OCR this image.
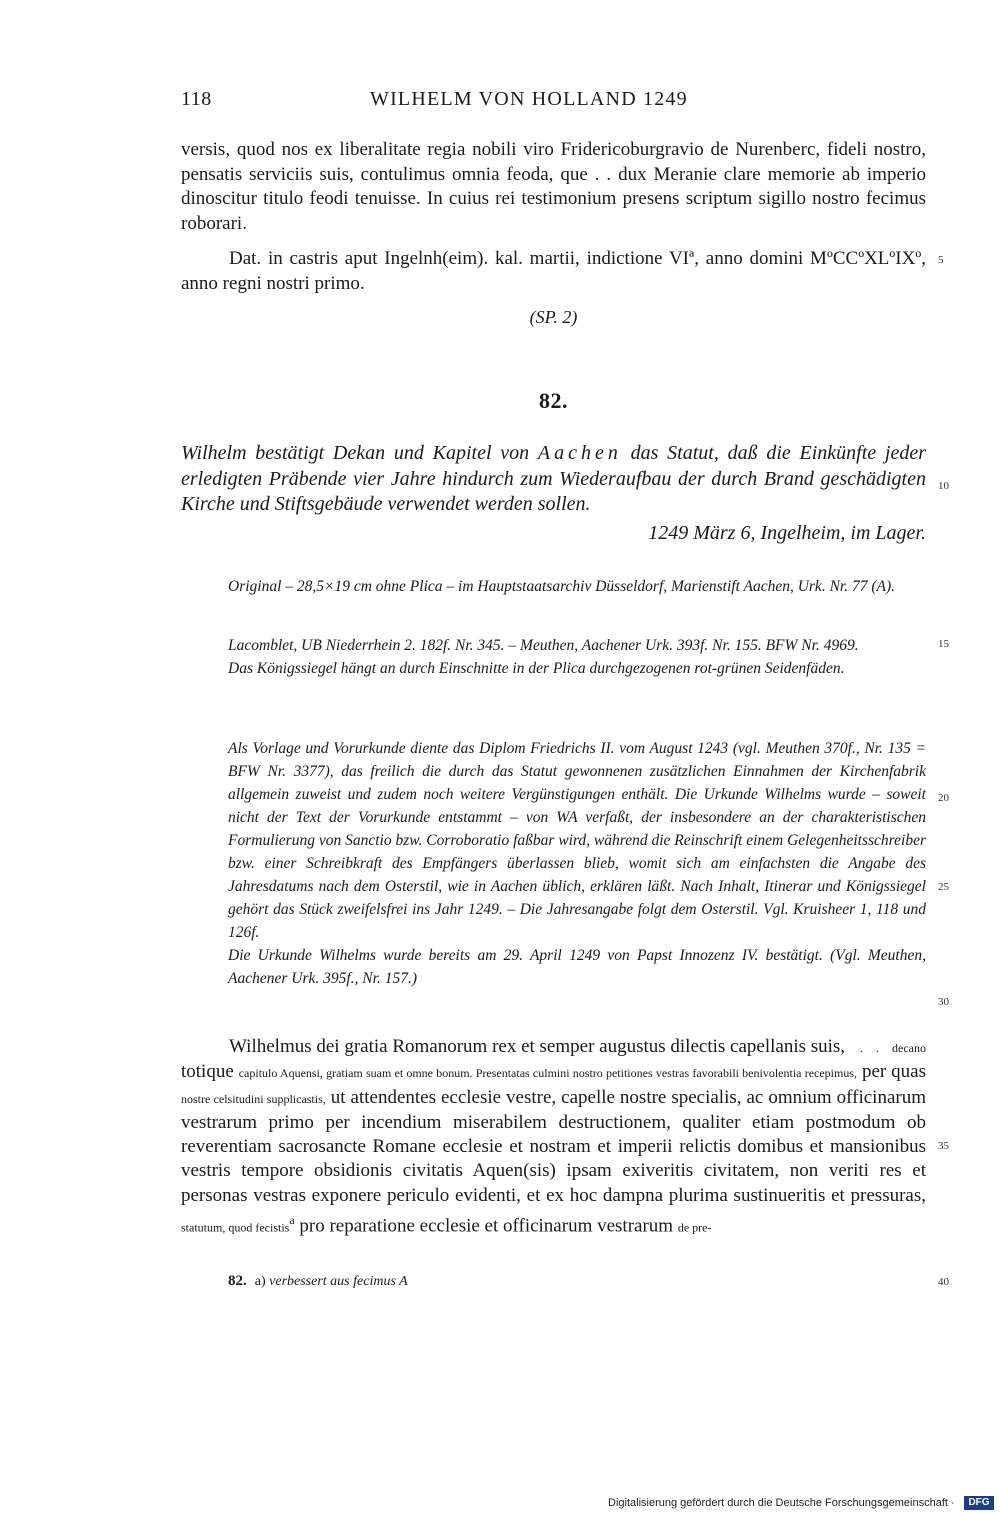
118	WILHELM VON HOLLAND 1249

versis, quod nos ex liberalitate regia nobili viro Fridericoburgravio de Nurenberc, fideli nostro, pensatis serviciis suis, contulimus omnia feoda, que . . dux Meranie clare memorie ab imperio dinoscitur titulo feodi tenuisse. In cuius rei testimonium presens scriptum sigillo nostro fecimus roborari.

Dat. in castris aput Ingelnh(eim). kal. martii, indictione VIª, anno domini MºCCºXLºIXº, anno regni nostri primo.

(SP. 2)
82.
Wilhelm bestätigt Dekan und Kapitel von Aachen das Statut, daß die Einkünfte jeder erledigten Präbende vier Jahre hindurch zum Wiederaufbau der durch Brand geschädigten Kirche und Stiftsgebäude verwendet werden sollen.
1249 März 6, Ingelheim, im Lager.

Original – 28,5×19 cm ohne Plica – im Hauptstaatsarchiv Düsseldorf, Marienstift Aachen, Urk. Nr. 77 (A).

Lacomblet, UB Niederrhein 2. 182f. Nr. 345. – Meuthen, Aachener Urk. 393f. Nr. 155. BFW Nr. 4969.

Das Königssiegel hängt an durch Einschnitte in der Plica durchgezogenen rot-grünen Seidenfäden.

Als Vorlage und Vorurkunde diente das Diplom Friedrichs II. vom August 1243 (vgl. Meuthen 370f., Nr. 135 = BFW Nr. 3377), das freilich die durch das Statut gewonnenen zusätzlichen Einnahmen der Kirchenfabrik allgemein zuweist und zudem noch weitere Vergünstigungen enthält. Die Urkunde Wilhelms wurde – soweit nicht der Text der Vorurkunde entstammt – von WA verfaßt, der insbesondere an der charakteristischen Formulierung von Sanctio bzw. Corroboratio faßbar wird, während die Reinschrift einem Gelegenheitsschreiber bzw. einer Schreibkraft des Empfängers überlassen blieb, womit sich am einfachsten die Angabe des Jahresdatums nach dem Osterstil, wie in Aachen üblich, erklären läßt. Nach Inhalt, Itinerar und Königssiegel gehört das Stück zweifelsfrei ins Jahr 1249. – Die Jahresangabe folgt dem Osterstil. Vgl. Kruisheer 1, 118 und 126f.

Die Urkunde Wilhelms wurde bereits am 29. April 1249 von Papst Innozenz IV. bestätigt. (Vgl. Meuthen, Aachener Urk. 395f., Nr. 157.)

Wilhelmus dei gratia Romanorum rex et semper augustus dilectis capellanis suis, . . decano totique capitulo Aquensi, gratiam suam et omne bonum. Presentatas culmini nostro petitiones vestras favorabili benivolentia recepimus, per quas nostre celsitudini supplicastis, ut attendentes ecclesie vestre, capelle nostre specialis, ac omnium officinarum vestrarum primo per incendium miserabilem destructionem, qualiter etiam postmodum ob reverentiam sacrosancte Romane ecclesie et nostram et imperii relictis domibus et mansionibus vestris tempore obsidionis civitatis Aquen(sis) ipsam exiveritis civitatem, non veriti res et personas vestras exponere periculo evidenti, et ex hoc dampna plurima sustinueritis et pressuras, statutum, quod fecistis$^a$ pro reparatione ecclesie et officinarum vestrarum de pre-
82. a) verbessert aus fecimus A
5
10
15
20
25
30
35
40
Digitalisierung gefördert durch die Deutsche Forschungsgemeinschaft ·	DFG
